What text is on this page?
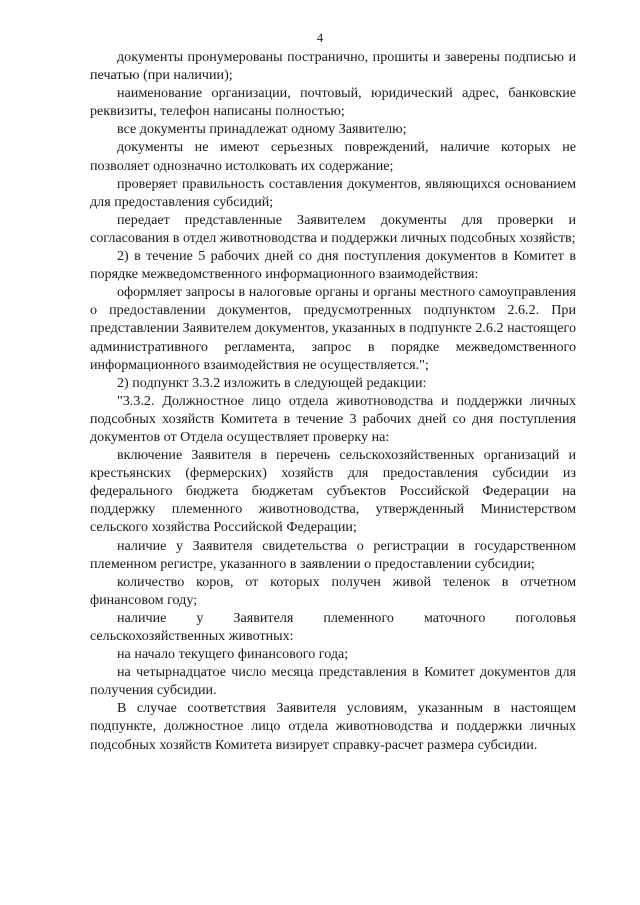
4

документы пронумерованы постранично, прошиты и заверены подписью и печатью (при наличии);

наименование организации, почтовый, юридический адрес, банковские реквизиты, телефон написаны полностью;

все документы принадлежат одному Заявителю;

документы не имеют серьезных повреждений, наличие которых не позволяет однозначно истолковать их содержание;

проверяет правильность составления документов, являющихся основанием для предоставления субсидий;

передает представленные Заявителем документы для проверки и согласования в отдел животноводства и поддержки личных подсобных хозяйств;

2) в течение 5 рабочих дней со дня поступления документов в Комитет в порядке межведомственного информационного взаимодействия:

оформляет запросы в налоговые органы и органы местного самоуправления о предоставлении документов, предусмотренных подпунктом 2.6.2. При представлении Заявителем документов, указанных в подпункте 2.6.2 настоящего административного регламента, запрос в порядке межведомственного информационного взаимодействия не осуществляется.";

2) подпункт 3.3.2 изложить в следующей редакции:

"3.3.2. Должностное лицо отдела животноводства и поддержки личных подсобных хозяйств Комитета в течение 3 рабочих дней со дня поступления документов от Отдела осуществляет проверку на:

включение Заявителя в перечень сельскохозяйственных организаций и крестьянских (фермерских) хозяйств для предоставления субсидии из федерального бюджета бюджетам субъектов Российской Федерации на поддержку племенного животноводства, утвержденный Министерством сельского хозяйства Российской Федерации;

наличие у Заявителя свидетельства о регистрации в государственном племенном регистре, указанного в заявлении о предоставлении субсидии;

количество коров, от которых получен живой теленок в отчетном финансовом году;

наличие у Заявителя племенного маточного поголовья сельскохозяйственных животных:

на начало текущего финансового года;

на четырнадцатое число месяца представления в Комитет документов для получения субсидии.

В случае соответствия Заявителя условиям, указанным в настоящем подпункте, должностное лицо отдела животноводства и поддержки личных подсобных хозяйств Комитета визирует справку-расчет размера субсидии.
